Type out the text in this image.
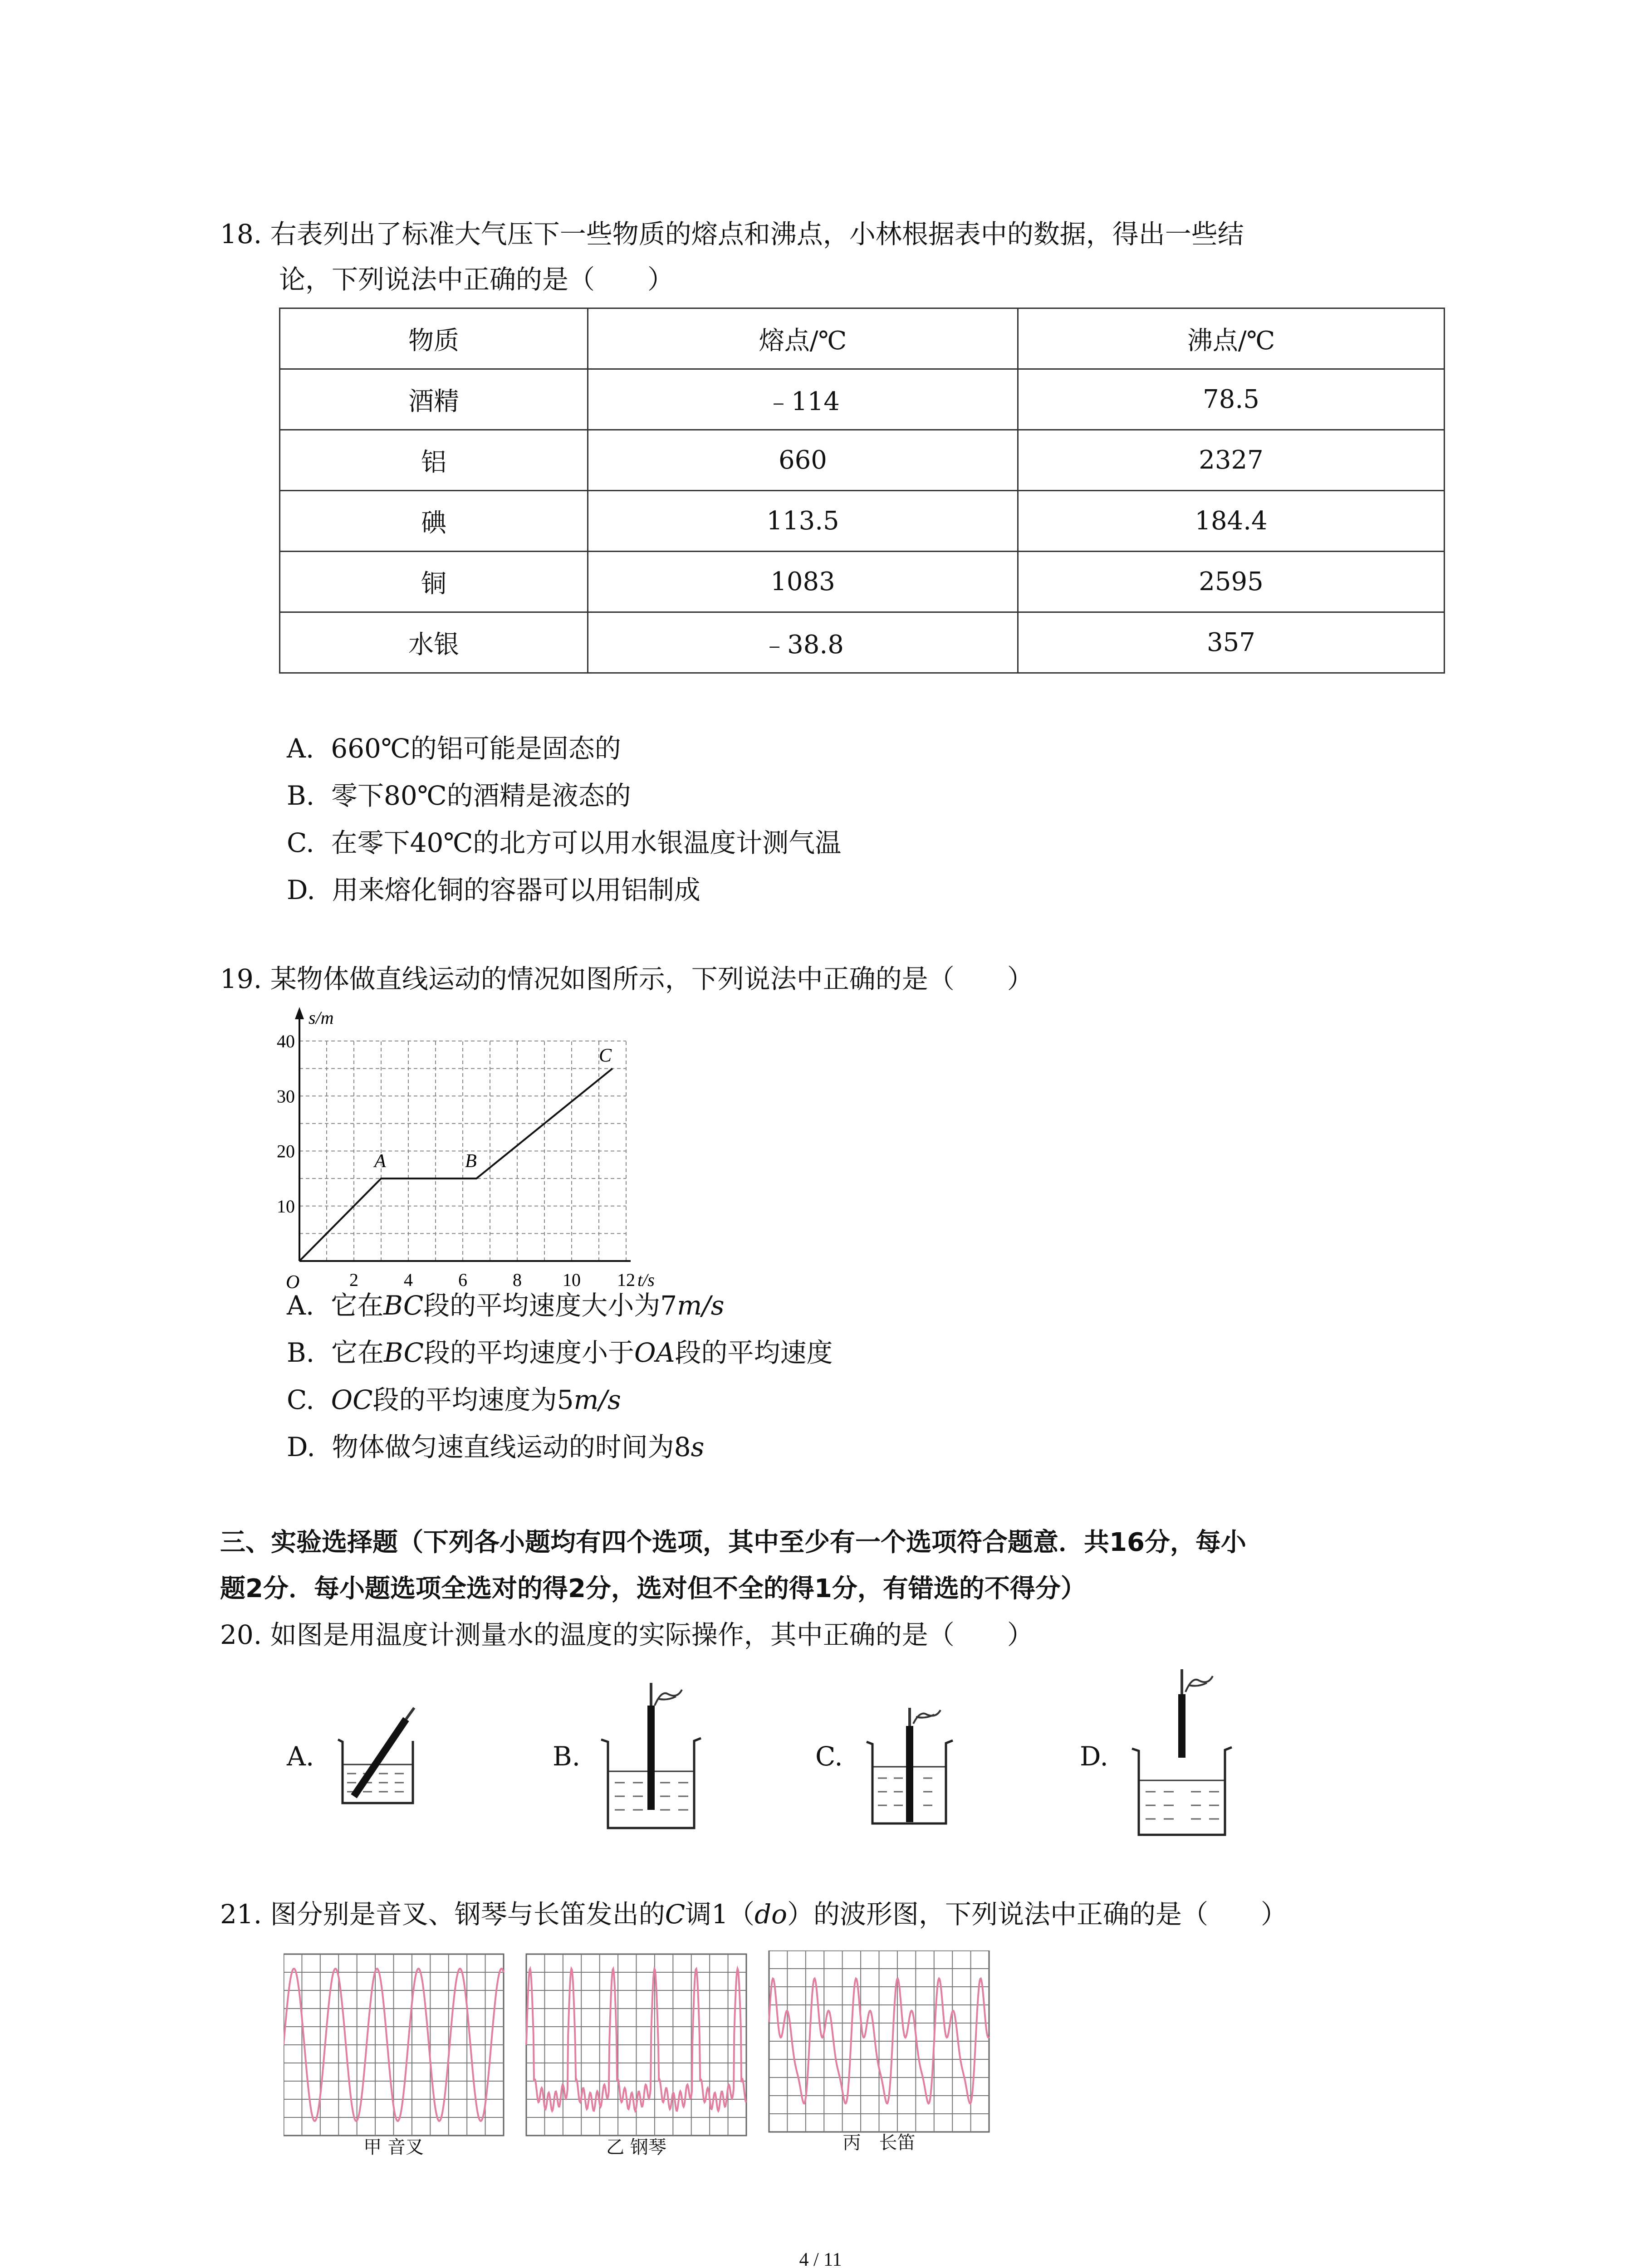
18. 右表列出了标准大气压下一些物质的熔点和沸点，小林根据表中的数据，得出一些结
论，下列说法中正确的是（　　）
物质	熔点/℃	沸点/℃
酒精	﹣114	78.5
铝	660	2327
碘	113.5	184.4
铜	1083	2595
水银	﹣38.8	357
A. 660℃的铝可能是固态的
B. 零下80℃的酒精是液态的
C. 在零下40℃的北方可以用水银温度计测气温
D. 用来熔化铜的容器可以用铝制成
19. 某物体做直线运动的情况如图所示，下列说法中正确的是（　　）
2	4	6	8 10 12
10
20
30
40
t/s
s/m
O
A	B
C
A. 它在BC段的平均速度大小为7m/s
B. 它在BC段的平均速度小于OA段的平均速度
C. OC段的平均速度为5m/s
D. 物体做匀速直线运动的时间为8s
三、实验选择题（下列各小题均有四个选项，其中至少有一个选项符合题意．共16分，每小
题2分．每小题选项全选对的得2分，选对但不全的得1分，有错选的不得分）
20. 如图是用温度计测量水的温度的实际操作，其中正确的是（　　）
A.	B.	C.	D.
21. 图分别是音叉、钢琴与长笛发出的C调1（do）的波形图，下列说法中正确的是（　　）
甲 音叉	乙 钢琴	丙　长笛
4 / 11
